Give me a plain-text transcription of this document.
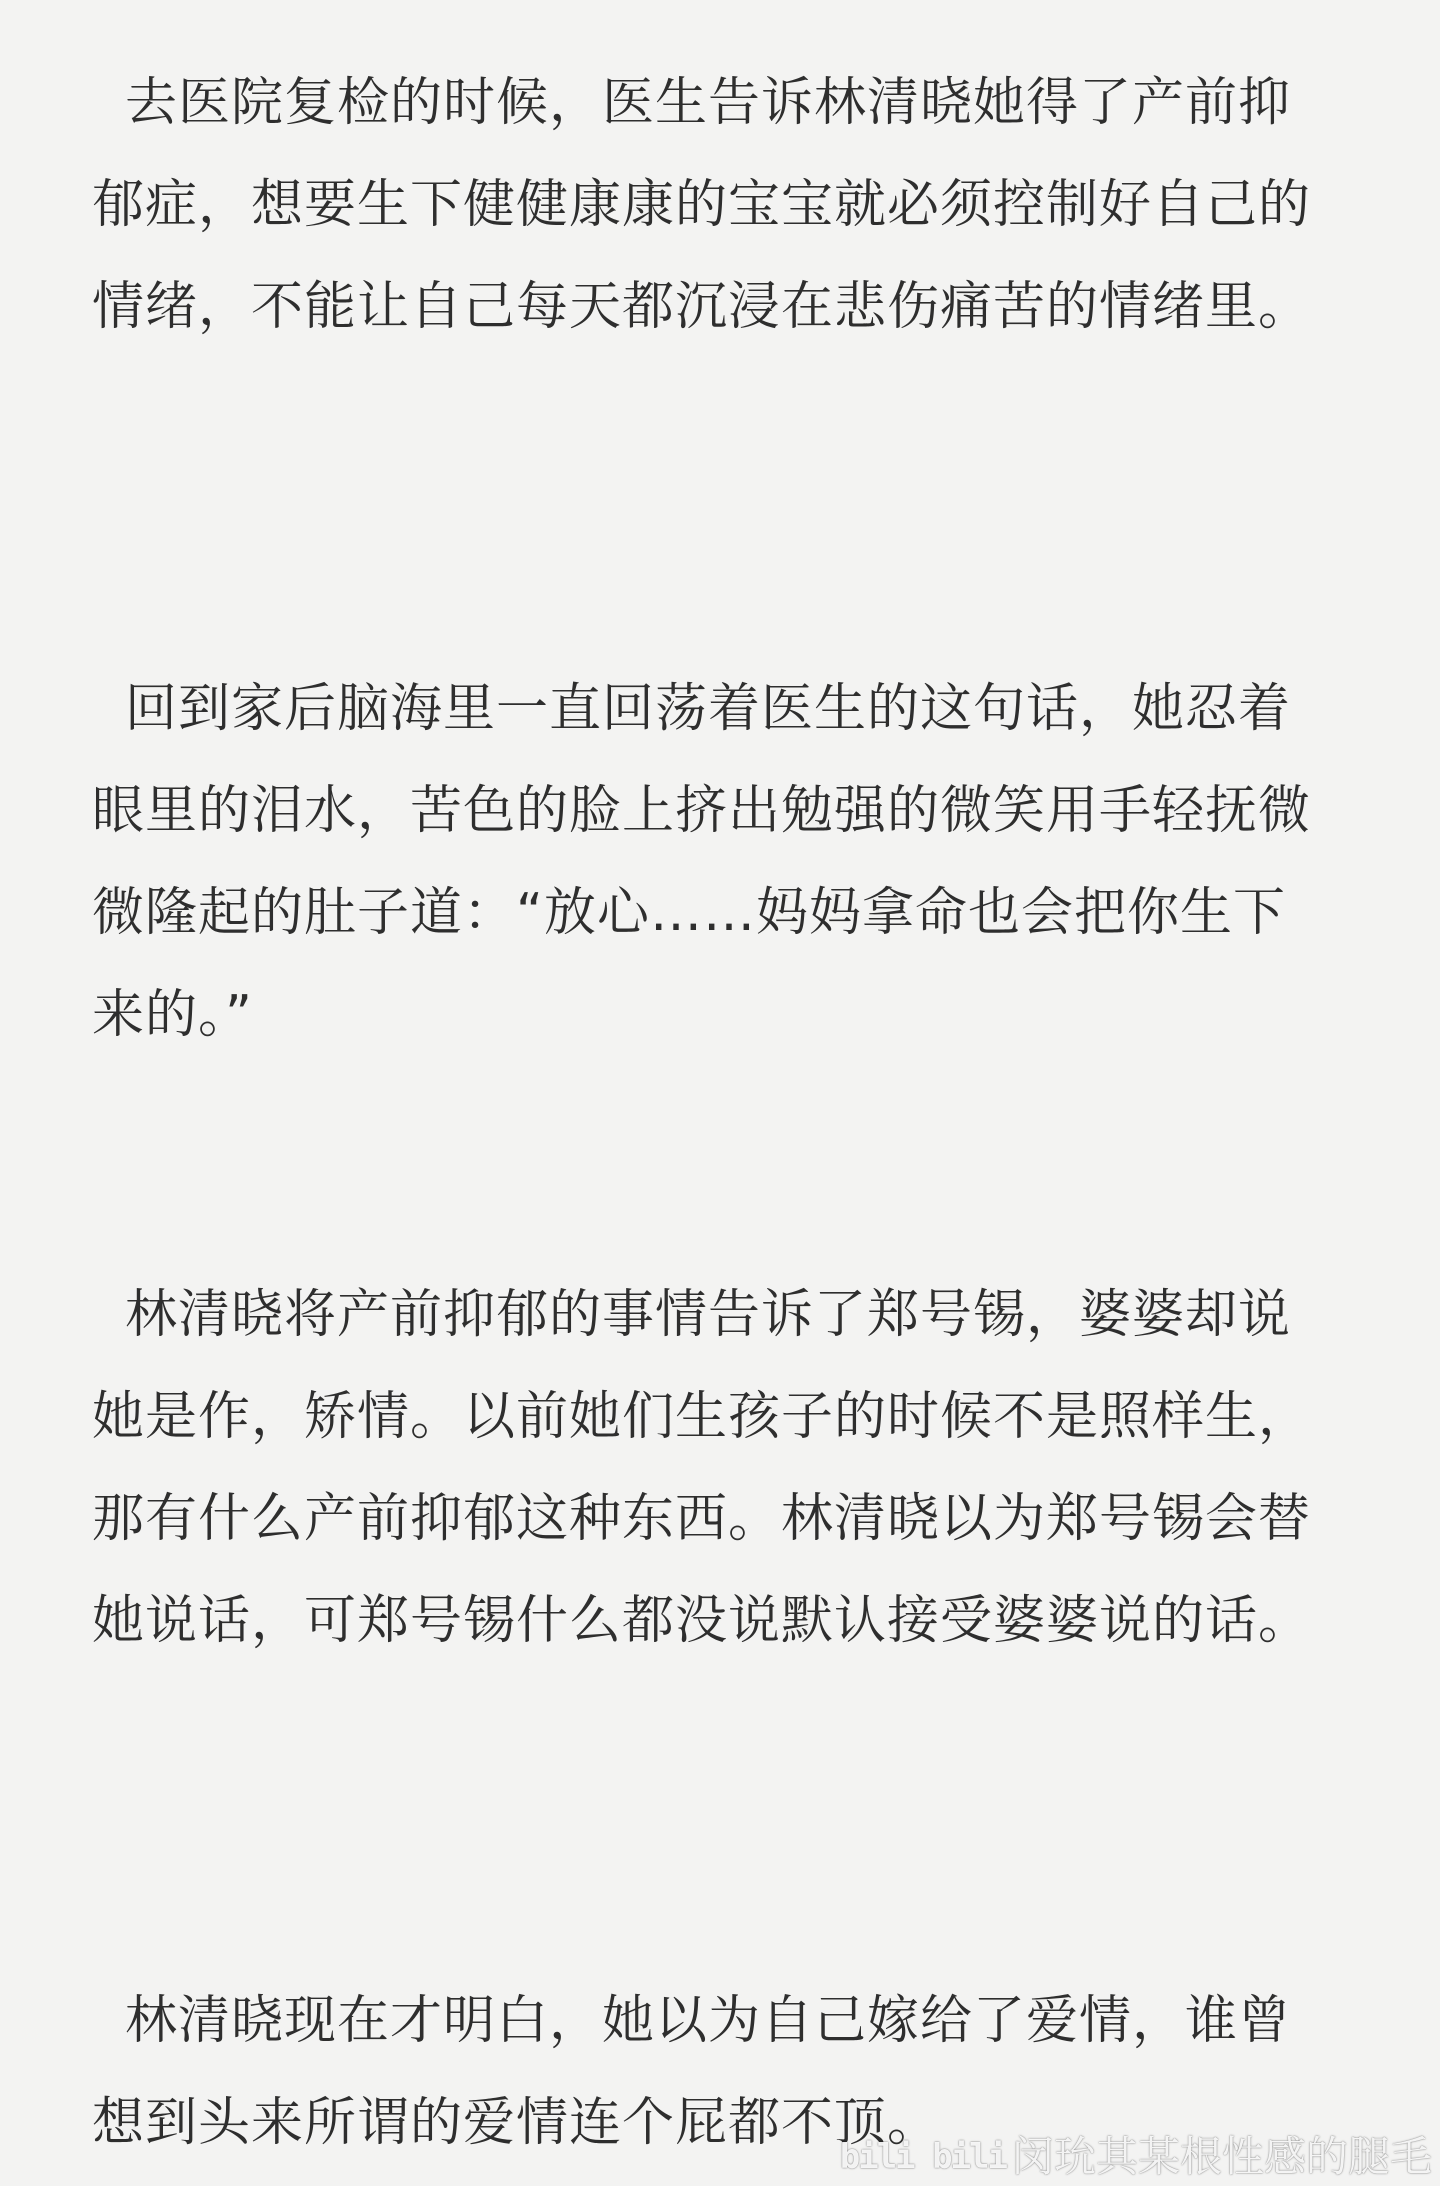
去医院复检的时候，医生告诉林清晓她得了产前抑郁症，想要生下健健康康的宝宝就必须控制好自己的情绪，不能让自己每天都沉浸在悲伤痛苦的情绪里。

回到家后脑海里一直回荡着医生的这句话，她忍着眼里的泪水，苦色的脸上挤出勉强的微笑用手轻抚微微隆起的肚子道：“放心……妈妈拿命也会把你生下来的。”

林清晓将产前抑郁的事情告诉了郑号锡，婆婆却说她是作，矫情。以前她们生孩子的时候不是照样生，那有什么产前抑郁这种东西。林清晓以为郑号锡会替她说话，可郑号锡什么都没说默认接受婆婆说的话。

林清晓现在才明白，她以为自己嫁给了爱情，谁曾想到头来所谓的爱情连个屁都不顶。

bili bili 闵玧其某根性感的腿毛
